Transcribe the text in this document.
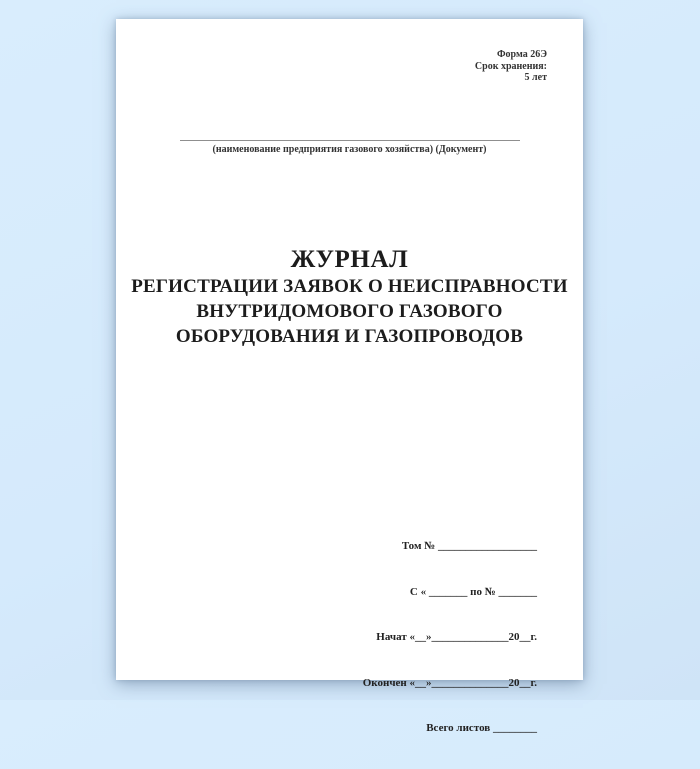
Форма 26Э
Срок хранения:
5 лет
(наименование предприятия газового хозяйства) (Документ)
ЖУРНАЛ
РЕГИСТРАЦИИ ЗАЯВОК О НЕИСПРАВНОСТИ
ВНУТРИДОМОВОГО ГАЗОВОГО
ОБОРУДОВАНИЯ И ГАЗОПРОВОДОВ

Том № __________________

С « _______ по № _______

Начат «__»______________20__г.

Окончен «__»______________20__г.

Всего листов ________
